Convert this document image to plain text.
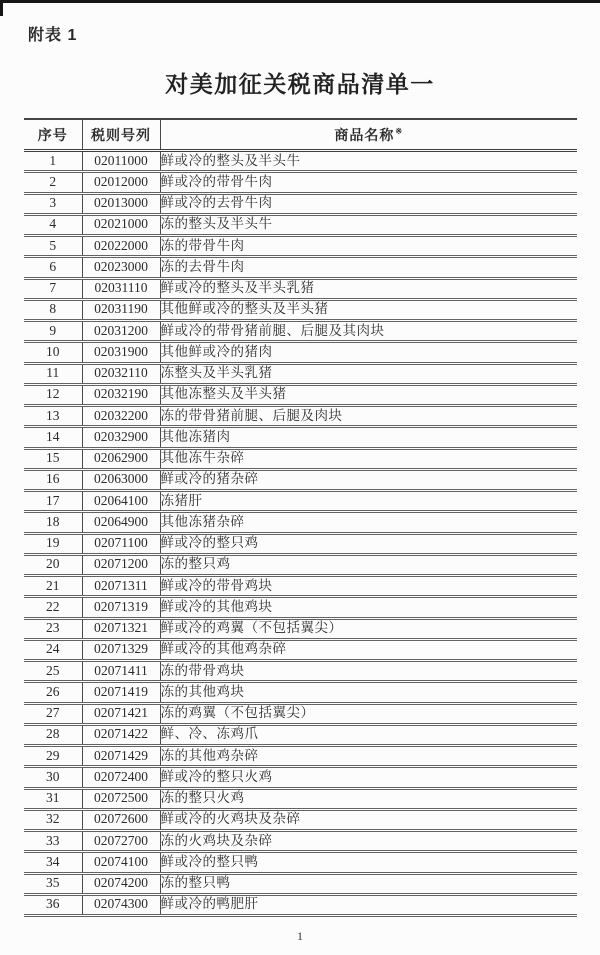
附表 1
对美加征关税商品清单一
序号	税则号列	商品名称※
1	02011000	鲜或冷的整头及半头牛
2	02012000	鲜或冷的带骨牛肉
3	02013000	鲜或冷的去骨牛肉
4	02021000	冻的整头及半头牛
5	02022000	冻的带骨牛肉
6	02023000	冻的去骨牛肉
7	02031110	鲜或冷的整头及半头乳猪
8	02031190	其他鲜或冷的整头及半头猪
9	02031200	鲜或冷的带骨猪前腿、后腿及其肉块
10	02031900	其他鲜或冷的猪肉
11	02032110	冻整头及半头乳猪
12	02032190	其他冻整头及半头猪
13	02032200	冻的带骨猪前腿、后腿及肉块
14	02032900	其他冻猪肉
15	02062900	其他冻牛杂碎
16	02063000	鲜或冷的猪杂碎
17	02064100	冻猪肝
18	02064900	其他冻猪杂碎
19	02071100	鲜或冷的整只鸡
20	02071200	冻的整只鸡
21	02071311	鲜或冷的带骨鸡块
22	02071319	鲜或冷的其他鸡块
23	02071321	鲜或冷的鸡翼（不包括翼尖）
24	02071329	鲜或冷的其他鸡杂碎
25	02071411	冻的带骨鸡块
26	02071419	冻的其他鸡块
27	02071421	冻的鸡翼（不包括翼尖）
28	02071422	鲜、冷、冻鸡爪
29	02071429	冻的其他鸡杂碎
30	02072400	鲜或冷的整只火鸡
31	02072500	冻的整只火鸡
32	02072600	鲜或冷的火鸡块及杂碎
33	02072700	冻的火鸡块及杂碎
34	02074100	鲜或冷的整只鸭
35	02074200	冻的整只鸭
36	02074300	鲜或冷的鸭肥肝
1
